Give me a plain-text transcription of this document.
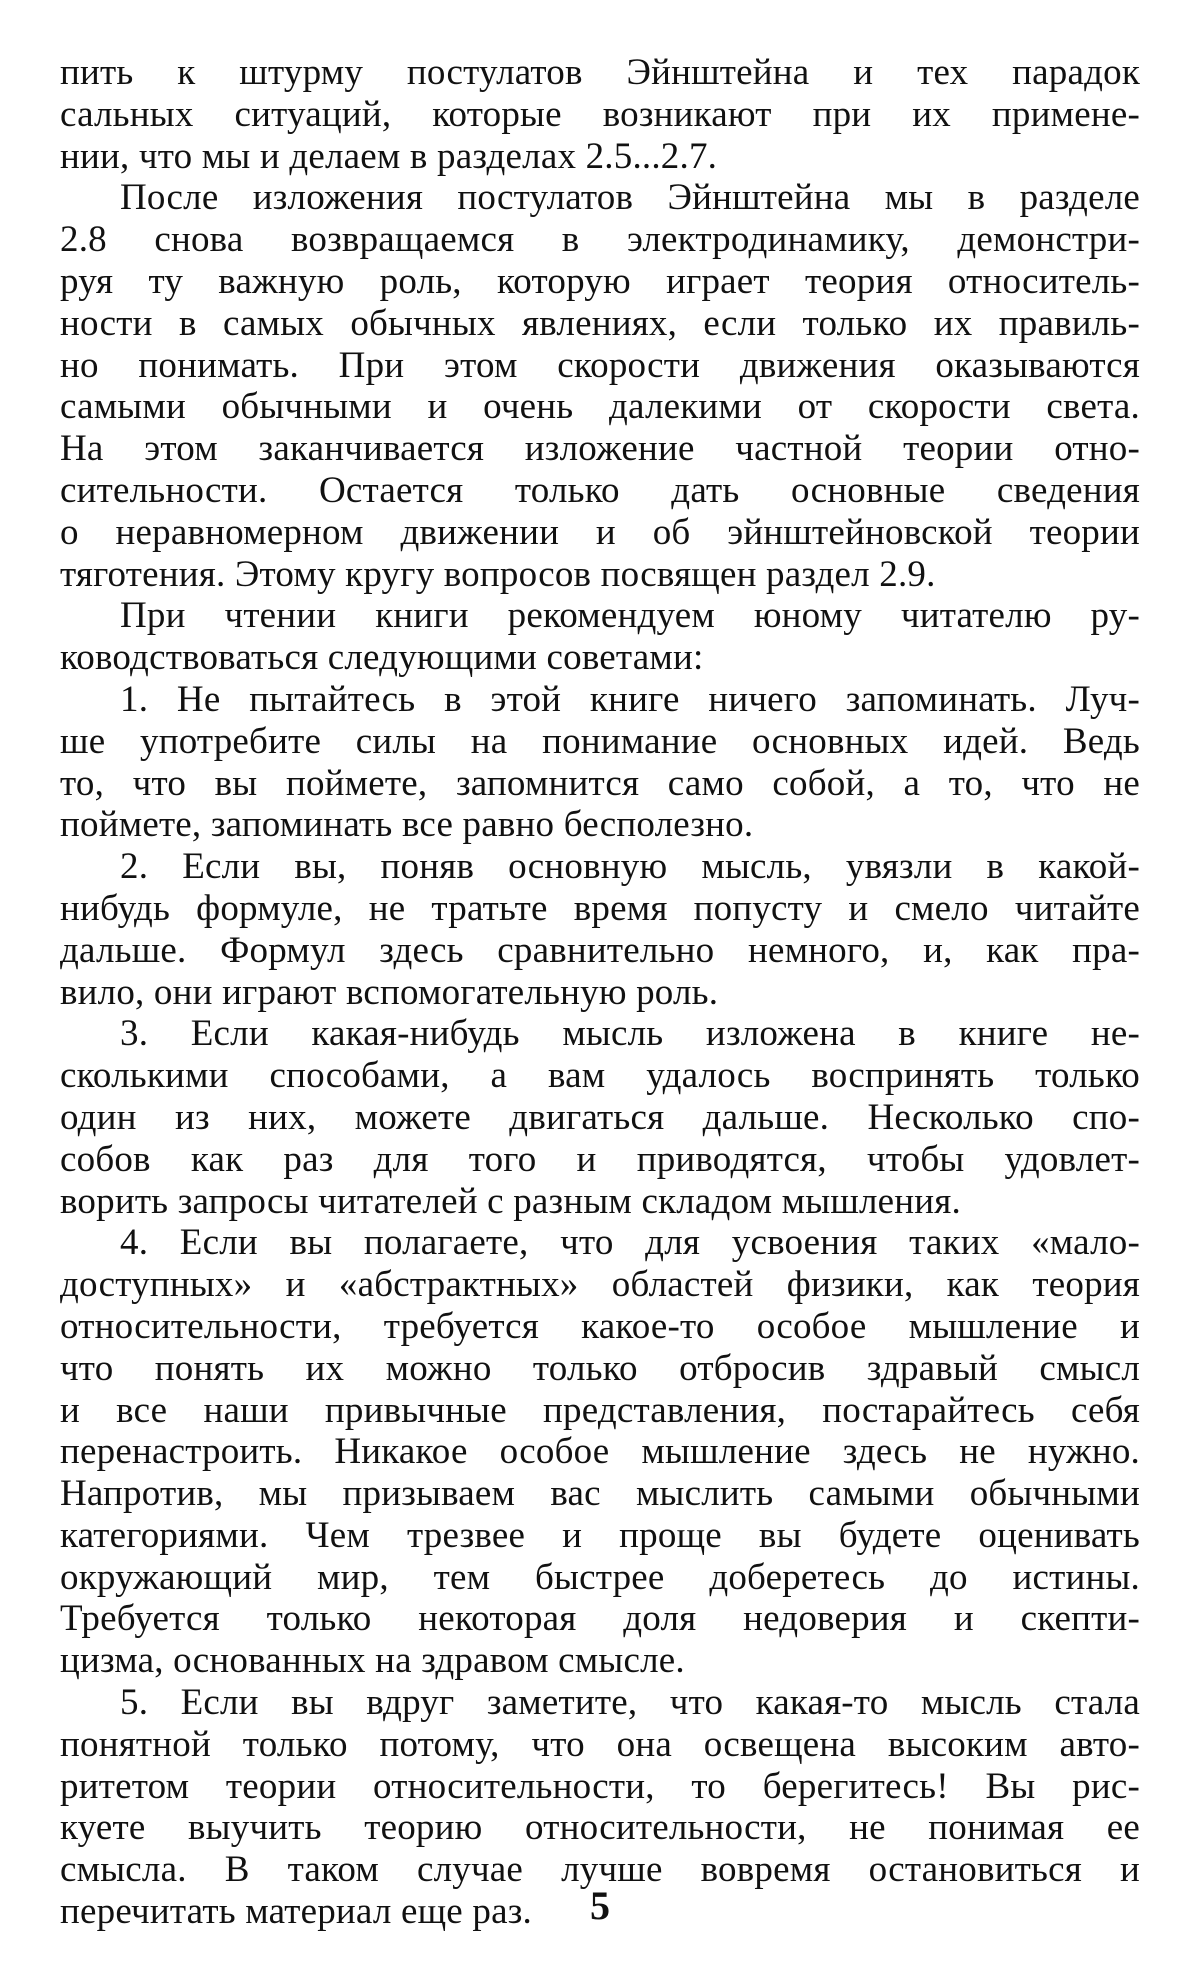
пить к штурму постулатов Эйнштейна и тех парадок
сальных ситуаций, которые возникают при их примене-
нии, что мы и делаем в разделах 2.5...2.7.
После изложения постулатов Эйнштейна мы в разделе
2.8 снова возвращаемся в электродинамику, демонстри-
руя ту важную роль, которую играет теория относитель-
ности в самых обычных явлениях, если только их правиль-
но понимать. При этом скорости движения оказываются
самыми обычными и очень далекими от скорости света.
На этом заканчивается изложение частной теории отно-
сительности. Остается только дать основные сведения
о неравномерном движении и об эйнштейновской теории
тяготения. Этому кругу вопросов посвящен раздел 2.9.
При чтении книги рекомендуем юному читателю ру-
ководствоваться следующими советами:
1. Не пытайтесь в этой книге ничего запоминать. Луч-
ше употребите силы на понимание основных идей. Ведь
то, что вы поймете, запомнится само собой, а то, что не
поймете, запоминать все равно бесполезно.
2. Если вы, поняв основную мысль, увязли в какой-
нибудь формуле, не тратьте время попусту и смело читайте
дальше. Формул здесь сравнительно немного, и, как пра-
вило, они играют вспомогательную роль.
3. Если какая-нибудь мысль изложена в книге не-
сколькими способами, а вам удалось воспринять только
один из них, можете двигаться дальше. Несколько спо-
собов как раз для того и приводятся, чтобы удовлет-
ворить запросы читателей с разным складом мышления.
4. Если вы полагаете, что для усвоения таких «мало-
доступных» и «абстрактных» областей физики, как теория
относительности, требуется какое-то особое мышление и
что понять их можно только отбросив здравый смысл
и все наши привычные представления, постарайтесь себя
перенастроить. Никакое особое мышление здесь не нужно.
Напротив, мы призываем вас мыслить самыми обычными
категориями. Чем трезвее и проще вы будете оценивать
окружающий мир, тем быстрее доберетесь до истины.
Требуется только некоторая доля недоверия и скепти-
цизма, основанных на здравом смысле.
5. Если вы вдруг заметите, что какая-то мысль стала
понятной только потому, что она освещена высоким авто-
ритетом теории относительности, то берегитесь! Вы рис-
куете выучить теорию относительности, не понимая ее
смысла. В таком случае лучше вовремя остановиться и
перечитать материал еще раз.	5
